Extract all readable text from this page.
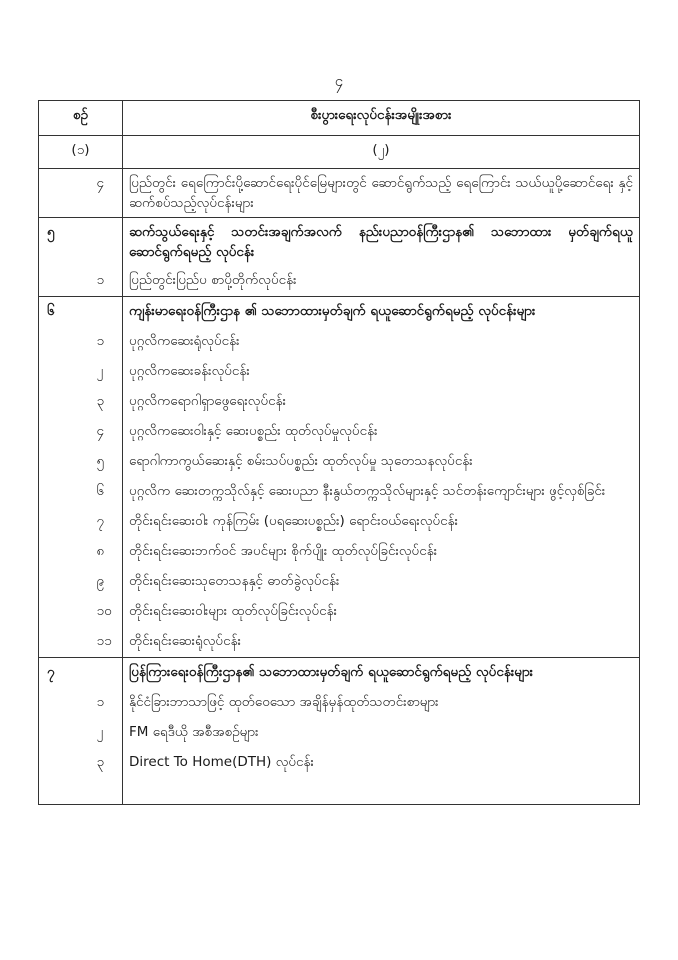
၄
စဉ်		စီးပွားရေးလုပ်ငန်းအမျိုးအစား
(၁)		(၂)
	၄	ပြည်တွင်း ရေကြောင်းပို့ဆောင်ရေးပိုင်မြေများတွင် ဆောင်ရွက်သည့် ရေကြောင်း သယ်ယူပို့ဆောင်ရေး နှင့် ဆက်စပ်သည့်လုပ်ငန်းများ
၅		ဆက်သွယ်ရေးနှင့် သတင်းအချက်အလက် နည်းပညာဝန်ကြီးဌာန၏ သဘောထား မှတ်ချက်ရယူ ဆောင်ရွက်ရမည့် လုပ်ငန်း
	၁	ပြည်တွင်းပြည်ပ စာပို့တိုက်လုပ်ငန်း
၆		ကျန်းမာရေးဝန်ကြီးဌာန ၏ သဘောထားမှတ်ချက် ရယူဆောင်ရွက်ရမည့် လုပ်ငန်းများ
	၁	ပုဂ္ဂလိကဆေးရုံလုပ်ငန်း
	၂	ပုဂ္ဂလိကဆေးခန်းလုပ်ငန်း
	၃	ပုဂ္ဂလိကရောဂါရှာဖွေရေးလုပ်ငန်း
	၄	ပုဂ္ဂလိကဆေးဝါးနှင့် ဆေးပစ္စည်း ထုတ်လုပ်မှုလုပ်ငန်း
	၅	ရောဂါကာကွယ်ဆေးနှင့် စမ်းသပ်ပစ္စည်း ထုတ်လုပ်မှု သုတေသနလုပ်ငန်း
	၆	ပုဂ္ဂလိက ဆေးတက္ကသိုလ်နှင့် ဆေးပညာ နီးနွယ်တက္ကသိုလ်များနှင့် သင်တန်းကျောင်းများ ဖွင့်လှစ်ခြင်း
	၇	တိုင်းရင်းဆေးဝါး ကုန်ကြမ်း (ပရဆေးပစ္စည်း) ရောင်းဝယ်ရေးလုပ်ငန်း
	၈	တိုင်းရင်းဆေးဘက်ဝင် အပင်များ စိုက်ပျိုး ထုတ်လုပ်ခြင်းလုပ်ငန်း
	၉	တိုင်းရင်းဆေးသုတေသနနှင့် ဓာတ်ခွဲလုပ်ငန်း
	၁၀	တိုင်းရင်းဆေးဝါးများ ထုတ်လုပ်ခြင်းလုပ်ငန်း
	၁၁	တိုင်းရင်းဆေးရုံလုပ်ငန်း
၇		ပြန်ကြားရေးဝန်ကြီးဌာန၏ သဘောထားမှတ်ချက် ရယူဆောင်ရွက်ရမည့် လုပ်ငန်းများ
	၁	နိုင်ငံခြားဘာသာဖြင့် ထုတ်ဝေသော အချိန်မှန်ထုတ်သတင်းစာများ
	၂	FM ရေဒီယို အစီအစဉ်များ
	၃	Direct To Home(DTH) လုပ်ငန်း
